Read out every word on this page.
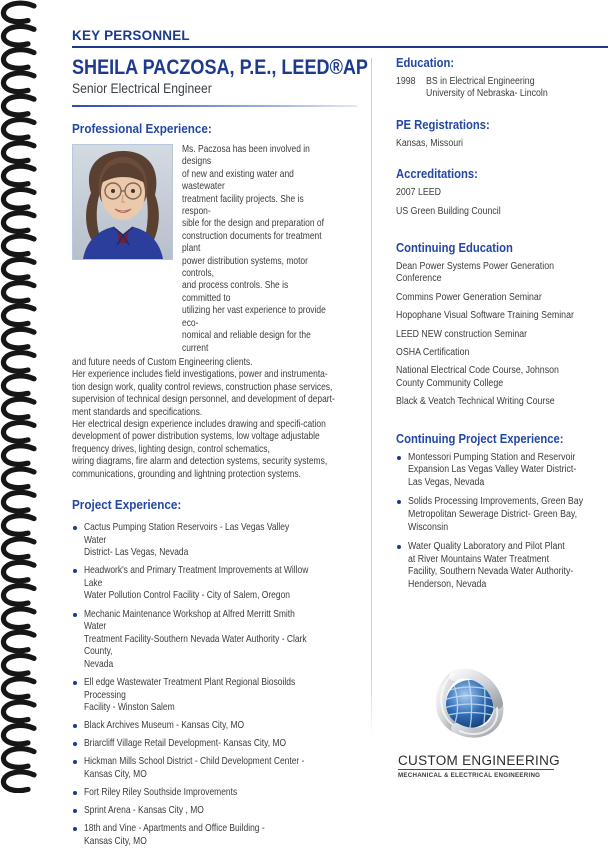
KEY PERSONNEL
SHEILA PACZOSA, P.E., LEED®AP
Senior Electrical Engineer
Professional Experience:

Ms. Paczosa has been involved in designs
of new and existing water and wastewater
treatment facility projects. She is respon-
sible for the design and preparation of
construction documents for treatment plant
power distribution systems, motor controls,
and process controls. She is committed to
utilizing her vast experience to provide eco-
nomical and reliable design for the current

and future needs of Custom Engineering clients.

Her experience includes field investigations, power and instrumenta-
tion design work, quality control reviews, construction phase services,
supervision of technical design personnel, and development of depart-
ment standards and specifications.

Her electrical design experience includes drawing and specifi-cation
development of power distribution systems, low voltage adjustable
frequency drives, lighting design, control schematics,
wiring diagrams, fire alarm and detection systems, security systems,
communications, grounding and lightning protection systems.

Project Experience:
Cactus Pumping Station Reservoirs - Las Vegas Valley Water
District- Las Vegas, Nevada
Headwork's and Primary Treatment Improvements at Willow Lake
Water Pollution Control Facility - City of Salem, Oregon
Mechanic Maintenance Workshop at Alfred Merritt Smith Water
Treatment Facility-Southern Nevada Water Authority - Clark County,
Nevada
Ell edge Wastewater Treatment Plant Regional Biosoilds Processing
Facility - Winston Salem
Black Archives Museum - Kansas City, MO
Briarcliff Village Retail Development- Kansas City, MO
Hickman Mills School District - Child Development Center -
Kansas City, MO
Fort Riley Riley Southside Improvements
Sprint Arena - Kansas City , MO
18th and Vine - Apartments and Office Building -
Kansas City, MO
Education:
1998	BS in Electrical Engineering
University of Nebraska- Lincoln
PE Registrations:

Kansas, Missouri

Accreditations:

2007 LEED

US Green Building Council

Continuing Education

Dean Power Systems Power Generation
Conference

Commins Power Generation Seminar

Hopophane Visual Software Training Seminar

LEED NEW construction Seminar

OSHA Certification

National Electrical Code Course, Johnson
County Community College

Black & Veatch Technical Writing Course

Continuing Project Experience:
Montessori Pumping Station and Reservoir
Expansion Las Vegas Valley Water District-
Las Vegas, Nevada
Solids Processing Improvements, Green Bay
Metropolitan Sewerage District- Green Bay,
Wisconsin
Water Quality Laboratory and Pilot Plant
at River Mountains Water Treatment
Facility, Southern Nevada Water Authority-
Henderson, Nevada
CUSTOM ENGINEERING
MECHANICAL & ELECTRICAL ENGINEERING
